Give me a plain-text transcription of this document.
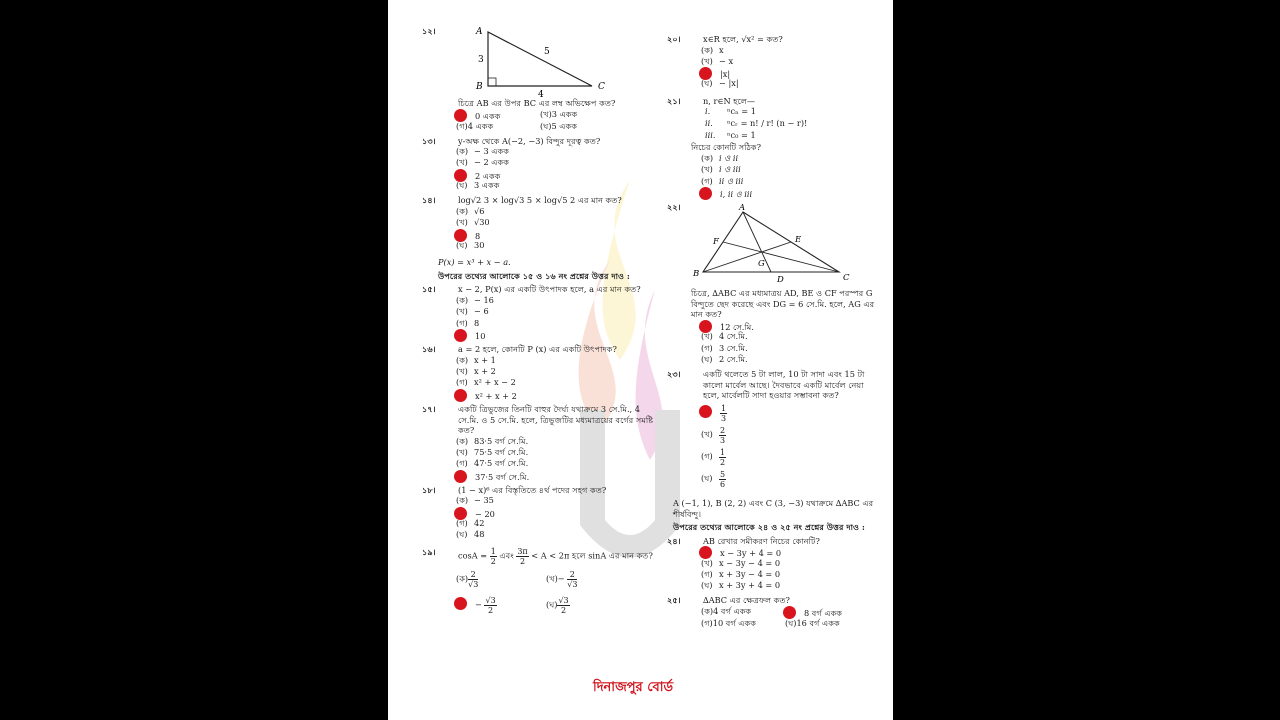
১২।	A
B	C
3
5
4
চিত্রে AB এর উপর BC এর লম্ব অভিক্ষেপ কত?
0 একক	(খ)3 একক
(গ)4 একক	(ঘ)5 একক
১৩।	y-অক্ষ থেকে A(−2, −3) বিন্দুর দূরত্ব কত?
(ক) − 3 একক
(খ) − 2 একক
2 একক
(ঘ) 3 একক
১৪।	log√2 3 × log√3 5 × log√5 2 এর মান কত?
(ক) √6
(খ) √30
8
(ঘ) 30
P(x) = x³ + x − a.
উপরের তথ্যের আলোকে ১৫ ও ১৬ নং প্রশ্নের উত্তর দাও :
১৫।	x − 2, P(x) এর একটি উৎপাদক হলে, a এর মান কত?
(ক) − 16
(খ) − 6
(গ) 8
10
১৬।	a = 2 হলে, কোনটি P (x) এর একটি উৎপাদক?
(ক) x + 1
(খ) x + 2
(গ) x² + x − 2
x² + x + 2
১৭।	একটি ত্রিভুজের তিনটি বাহুর দৈর্ঘ্য যথাক্রমে 3 সে.মি., 4 সে.মি. ও 5 সে.মি. হলে, ত্রিভুজটির মধ্যমাত্রয়ের বর্গের সমষ্টি কত?
(ক) 83·5 বর্গ সে.মি.
(খ) 75·5 বর্গ সে.মি.
(গ) 47·5 বর্গ সে.মি.
37·5 বর্গ সে.মি.
১৮।	(1 − x)⁶ এর বিস্তৃতিতে ৪র্থ পদের সহগ কত?
(ক) − 35
− 20
(গ) 42
(ঘ) 48
১৯।	$\cos A = \frac{1}{2}$ এবং $\frac{3\pi}{2} < A < 2\pi$ হলে sinA এর মান কত?
(ক) $\frac{2}{√3}$	(খ)− $\frac{2}{√3}$
− $\frac{√3}{2}$	(ঘ) $\frac{√3}{2}$
২০।	x∈R হলে, √x² = কত?
(ক) x
(খ) − x
|x|
(ঘ) − |x|
২১।	n, r∈N হলে—
i. ⁿcₙ = 1
ii. ⁿcᵣ = n! / r! (n − r)!
iii. ⁿc₀ = 1
নিচের কোনটি সঠিক?
(ক) i ও ii
(খ) i ও iii
(গ) ii ও iii
i, ii ও iii
২২।	A
B	C
D
E
F
G
চিত্রে, ∆ABC এর মধ্যমাত্রয় AD, BE ও CF পরস্পর G বিন্দুতে ছেদ করেছে এবং DG = 6 সে.মি. হলে, AG এর মান কত?
12 সে.মি.
(খ) 4 সে.মি.
(গ) 3 সে.মি.
(ঘ) 2 সে.মি.
২৩।	একটি থলেতে 5 টা লাল, 10 টা সাদা এবং 15 টা কালো মার্বেল আছে। দৈবভাবে একটি মার্বেল নেয়া হলে, মার্বেলটি সাদা হওয়ার সম্ভাবনা কত?
$\frac{1}{3}$
(খ) $\frac{2}{3}$
(গ) $\frac{1}{2}$
(ঘ) $\frac{5}{6}$
A (−1, 1), B (2, 2) এবং C (3, −3) যথাক্রমে ∆ABC এর শীর্ষবিন্দু।
উপরের তথ্যের আলোকে ২৪ ও ২৫ নং প্রশ্নের উত্তর দাও :
২৪।	AB রেখার সমীকরণ নিচের কোনটি?
x − 3y + 4 = 0
(খ) x − 3y − 4 = 0
(গ) x + 3y − 4 = 0
(ঘ) x + 3y + 4 = 0
২৫।	∆ABC এর ক্ষেত্রফল কত?
(ক)4 বর্গ একক	8 বর্গ একক
(গ)10 বর্গ একক	(ঘ)16 বর্গ একক
দিনাজপুর বোর্ড
